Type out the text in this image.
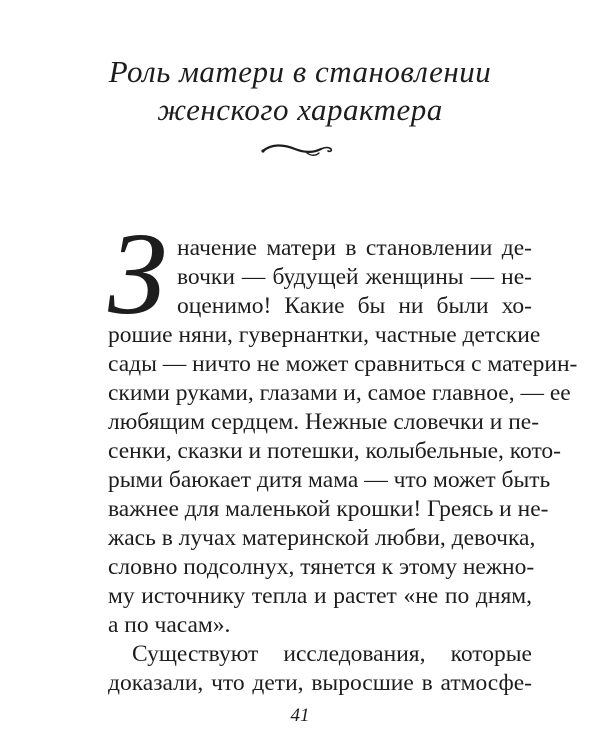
Роль матери в становлении
женского характера
З начение матери в становлении де-
вочки — будущей женщины — не-
оценимо! Какие бы ни были хо-
рошие няни, гувернантки, частные детские
сады — ничто не может сравниться с материн-
скими руками, глазами и, самое главное, — ее
любящим сердцем. Нежные словечки и пе-
сенки, сказки и потешки, колыбельные, кото-
рыми баюкает дитя мама — что может быть
важнее для маленькой крошки! Греясь и не-
жась в лучах материнской любви, девочка,
словно подсолнух, тянется к этому нежно-
му источнику тепла и растет «не по дням,
а по часам».
Существуют исследования, которые
доказали, что дети, выросшие в атмосфе-
41
